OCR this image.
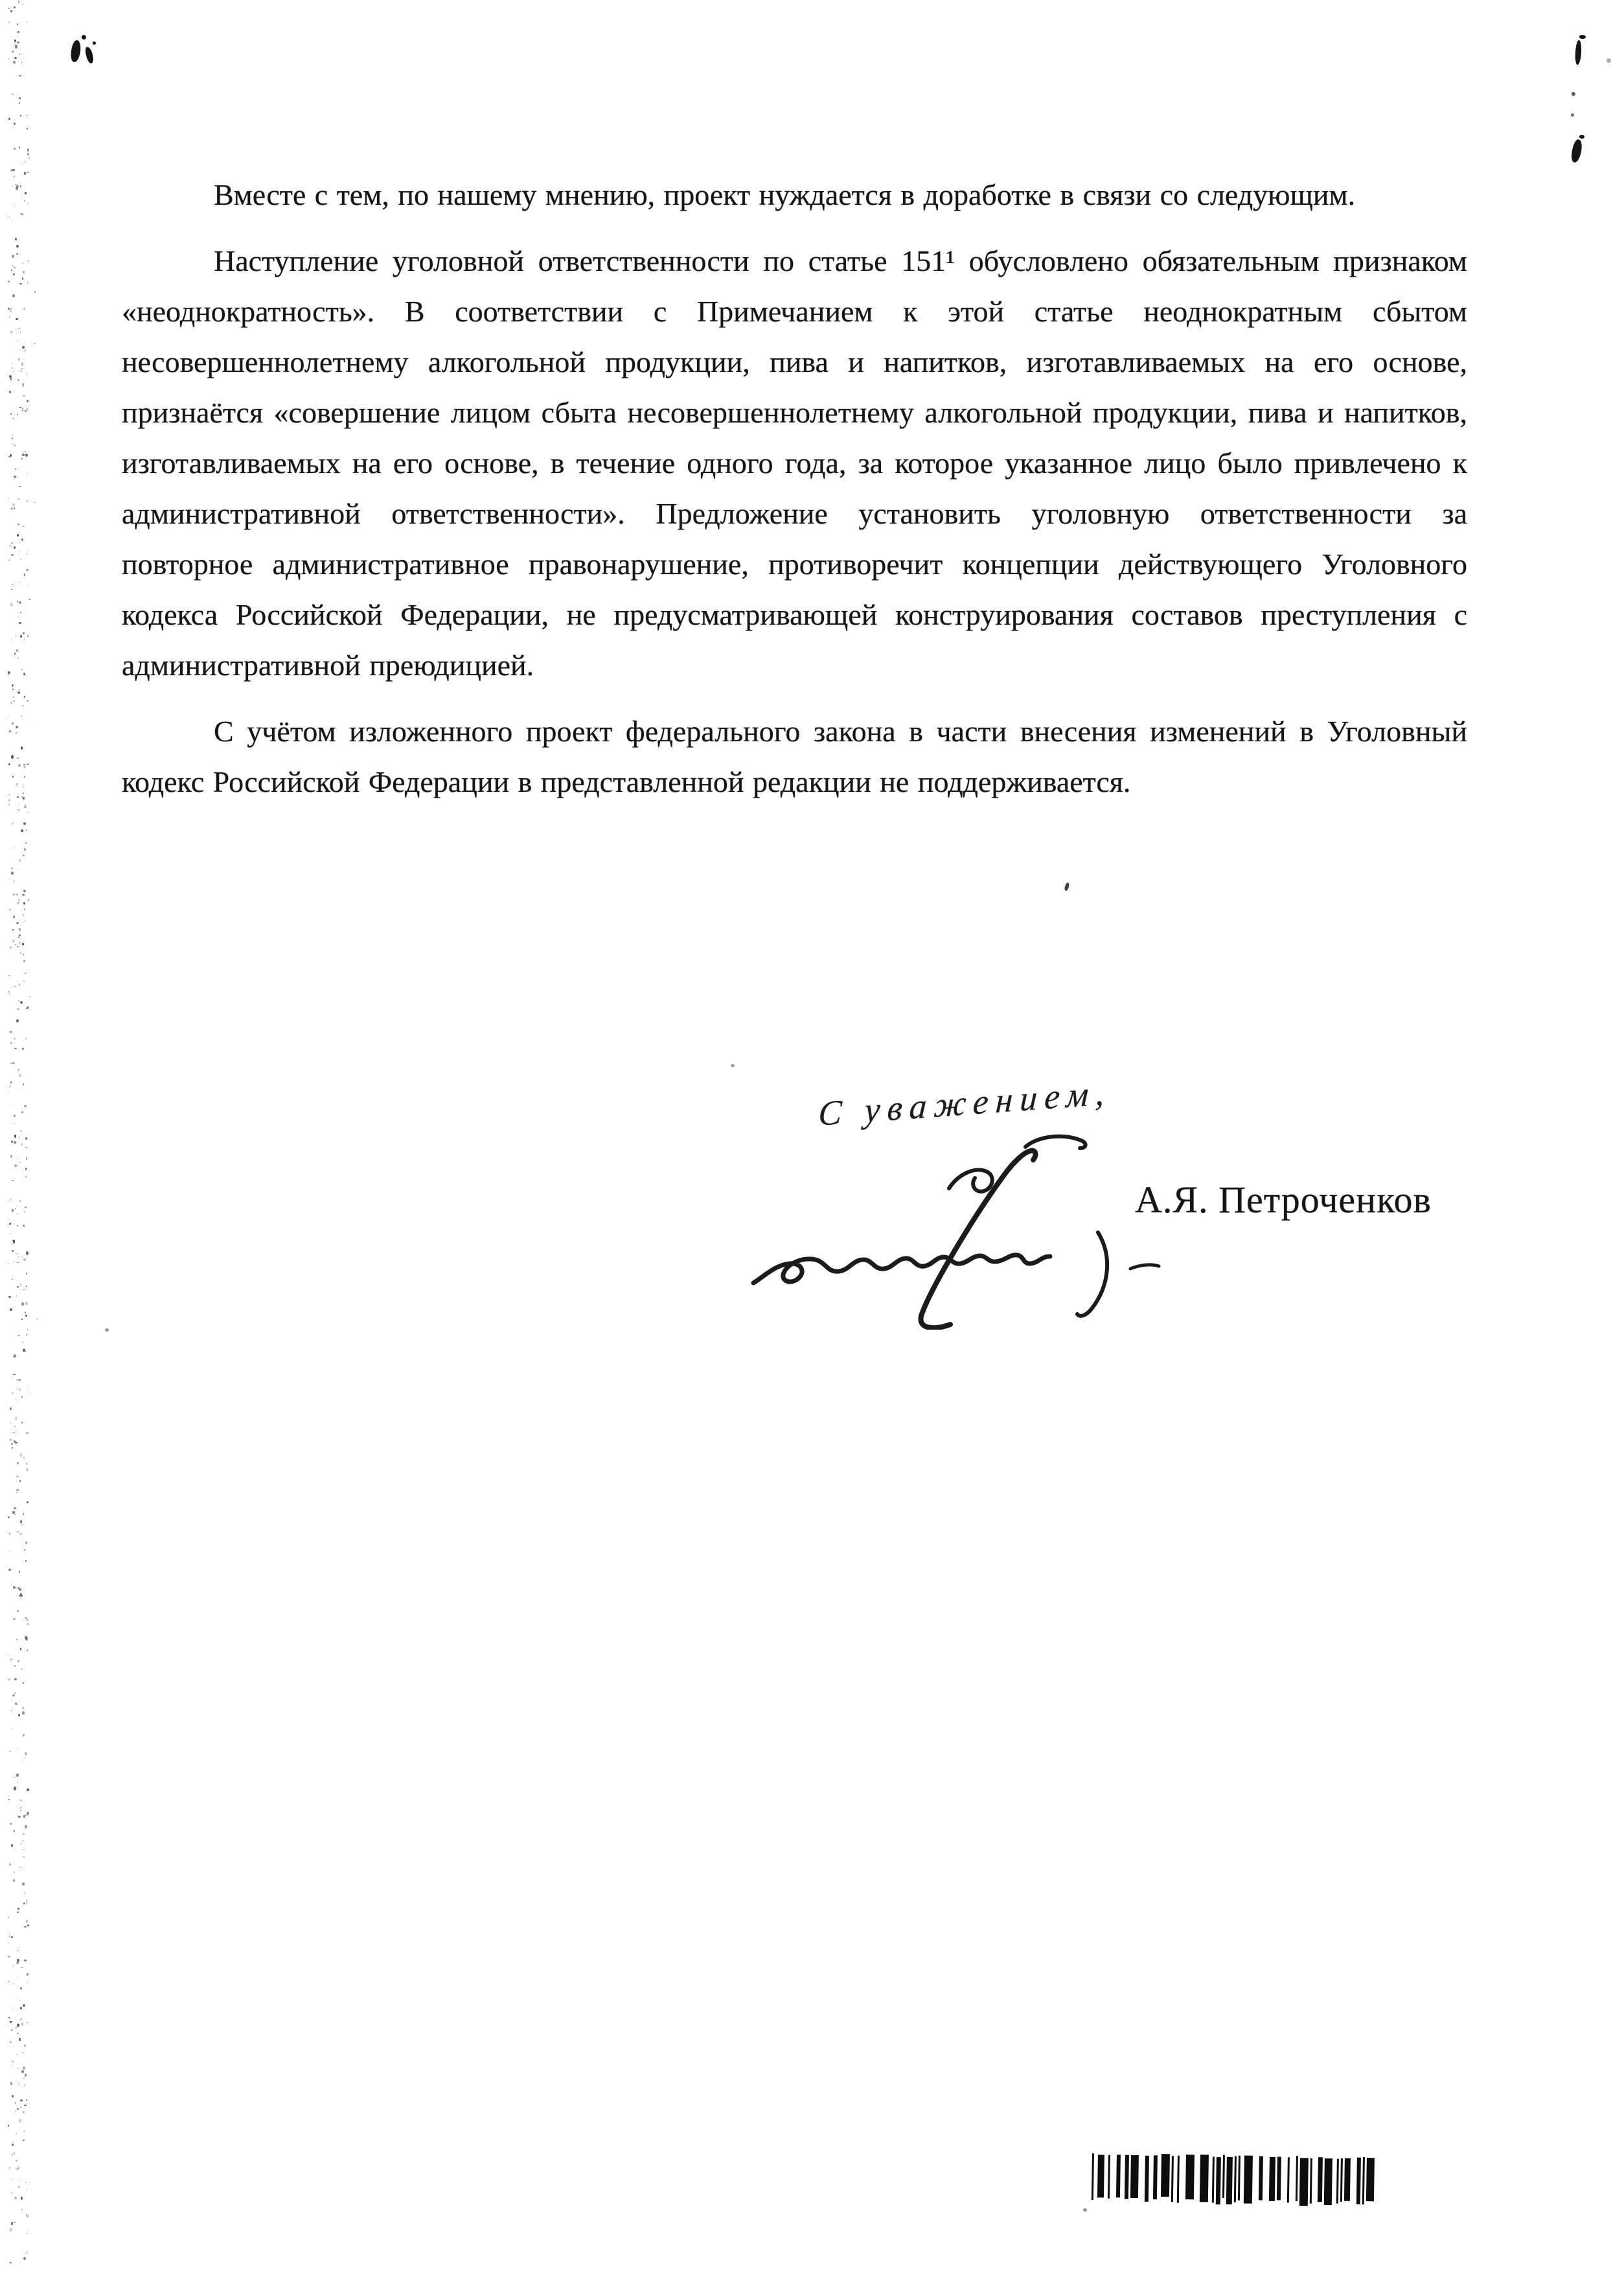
Вместе с тем, по нашему мнению, проект нуждается в доработке в связи со следующим.

Наступление уголовной ответственности по статье 151¹ обусловлено обязательным признаком «неоднократность». В соответствии с Примечанием к этой статье неоднократным сбытом несовершеннолетнему алкогольной продукции, пива и напитков, изготавливаемых на его основе, признаётся «совершение лицом сбыта несовершеннолетнему алкогольной продукции, пива и напитков, изготавливаемых на его основе, в течение одного года, за которое указанное лицо было привлечено к административной ответственности». Предложение установить уголовную ответственности за повторное административное правонарушение, противоречит концепции действующего Уголовного кодекса Российской Федерации, не предусматривающей конструирования составов преступления с административной преюдицией.

С учётом изложенного проект федерального закона в части внесения изменений в Уголовный кодекс Российской Федерации в представленной редакции не поддерживается.

С уважением,
А.Я. Петроченков
